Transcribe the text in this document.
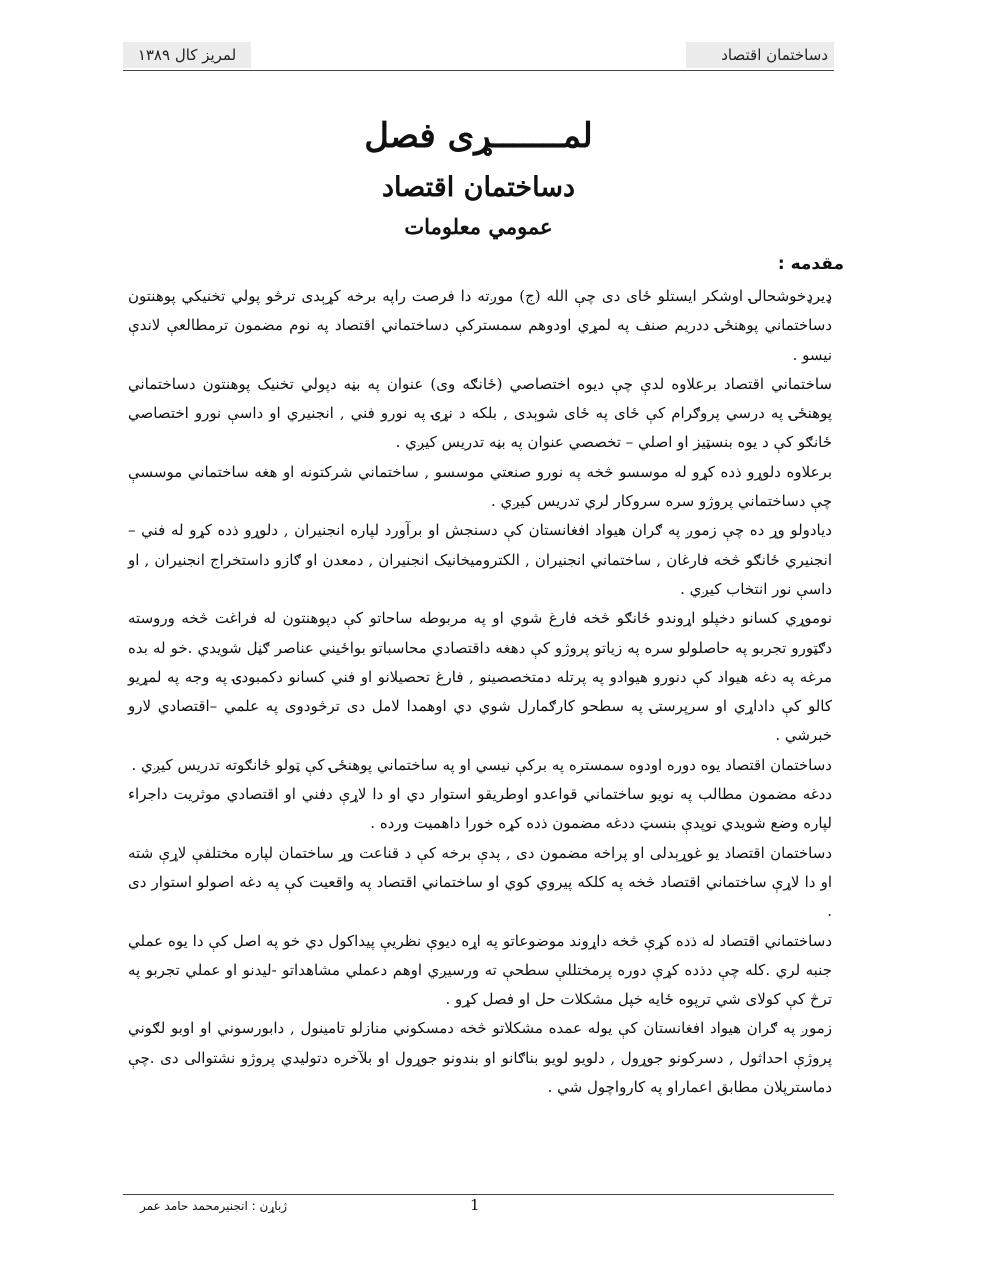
۱۳۸۹ لمریز کال	دساختمان اقتصاد
لمـــــــړی فصل
دساختمان اقتصاد
عمومي معلومات
مقدمه :

ډيرډخوشحالۍ اوشکر ايستلو ځای دی چې الله (ج) موږته دا فرصت راپه برخه کړېدی ترڅو پولي تخنيکي پوهنتون دساختماني پوهنځۍ ددريم صنف په لمړي اودوهم سمسترکې دساختماني اقتصاد په نوم مضمون ترمطالعې لاندې نيسو .

ساختماني اقتصاد برعلاوه لدې چې ديوه اختصاصي (ځانګه وی) عنوان په بڼه دپولي تخنيک پوهنتون دساختماني پوهنځۍ په درسي پروګرام کې ځای په ځای شوېدی , بلکه د نړۍ په نورو فني , انجنيري او داسې نورو اختصاصي ځانګو کې د يوه بنسټيز او اصلي – تخصصي عنوان په بڼه تدريس کيږي .

برعلاوه دلوړو ذده کړو له موسسو څخه په نورو صنعتي موسسو , ساختماني شرکتونه او هغه ساختماني موسسې چې دساختماني پروژو سره سروکار لري تدريس کيږي .

ديادولو وړ ده چې زموږ په ګران هيواد افغانستان کې دسنجش او برآورد لپاره انجنيران , دلوړو ذده کړو له فني –انجنيري ځانګو څخه فارغان , ساختماني انجنيران , الکتروميخانيک انجنيران , دمعدن او ګازو داستخراج انجنيران , او داسې نور انتخاب کيږي .

نوموړي کسانو دخپلو اړوندو ځانګو څخه فارغ شوي او په مربوطه ساحاتو کې دپوهنتون له فراغت څخه وروسته دګټورو تجربو په حاصلولو سره په زياتو پروژو کې دهغه داقتصادي محاسباتو بواځيني عناصر ګڼل شويدي .خو له بده مرغه په دغه هيواد کې دنورو هيوادو په پرتله دمتخصصينو , فارغ تحصيلانو او فني کسانو دکمبودۍ په وجه په لمړيو کالو کې داداړي او سرپرستۍ په سطحو کارګمارل شوي دي اوهمدا لامل دی ترڅودوی په علمي –اقتصادي لارو خبرشي .

دساختمان اقتصاد يوه دوره اودوه سمستره په برکې نيسي او په ساختماني پوهنځۍ کې ټولو ځانګوته تدريس کيږي .

ددغه مضمون مطالب په نويو ساختماني قواعدو اوطريقو استوار دي او دا لاړې دفني او اقتصادي موثريت داجراء لپاره وضع شويدي نوپدې بنسټ ددغه مضمون ذده کړه خورا داهميت ورده .

دساختمان اقتصاد يو غوړېدلی او پراخه مضمون دی , پدې برخه کې د قناعت وړ ساختمان لپاره مختلفې لاړې شته او دا لاړې ساختماني اقتصاد څخه په کلکه پيروي کوي او ساختماني اقتصاد په واقعيت کې په دغه اصولو استوار دی .

دساختماني اقتصاد له ذده کړې څخه داړوند موضوعاتو په اړه ديوې نظريې پيداکول دي خو په اصل کې دا يوه عملي جنبه لري .کله چې دذده کړې دوره پرمختللې سطحې ته ورسيږي اوهم دعملي مشاهداتو -ليدنو او عملي تجربو په ترڅ کې کولای شي ترپوه ځايه خپل مشکلات حل او فصل کړو .

زموږ په ګران هيواد افغانستان کې يوله عمده مشکلاتو څخه دمسکوني منازلو تامينول , دابورسوني او اوبو لګوني پروژې احداثول , دسرکونو جوړول , دلويو لويو بناګانو او بندونو جوړول او بلآخره دتوليدي پروژو نشتوالی دی .چې دماسترپلان مطابق اعماراو په کارواچول شي .

ژباړن : انجنيرمحمد حامد عمر	1
